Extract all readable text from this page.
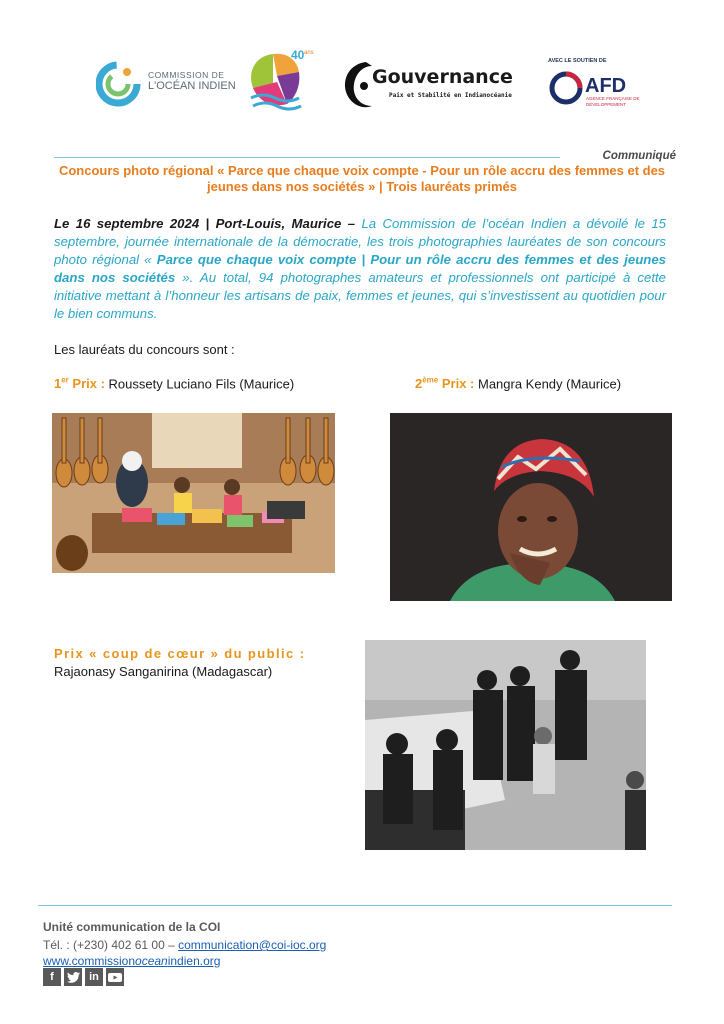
COMMISSION DE
L'OCÉAN INDIEN
40 ans
Gouvernance
Paix et Stabilité en Indianocéanie
AVEC LE SOUTIEN DE
AFD
AGENCE FRANÇAISE DE DÉVELOPPEMENT
Communiqué
Concours photo régional « Parce que chaque voix compte - Pour un rôle accru des femmes et des jeunes dans nos sociétés » | Trois lauréats primés
Le 16 septembre 2024 | Port-Louis, Maurice – La Commission de l’océan Indien a dévoilé le 15 septembre, journée internationale de la démocratie, les trois photographies lauréates de son concours photo régional « Parce que chaque voix compte | Pour un rôle accru des femmes et des jeunes dans nos sociétés ». Au total, 94 photographes amateurs et professionnels ont participé à cette initiative mettant à l’honneur les artisans de paix, femmes et jeunes, qui s’investissent au quotidien pour le bien communs.
Les lauréats du concours sont :
1er Prix : Roussety Luciano Fils (Maurice)	2ème Prix : Mangra Kendy (Maurice)
Prix « coup de cœur » du public :
Rajaonasy Sanganirina (Madagascar)
Unité communication de la COI
Tél. : (+230) 402 61 00 – communication@coi-ioc.org
www.commissionoceanindien.org
f	in
